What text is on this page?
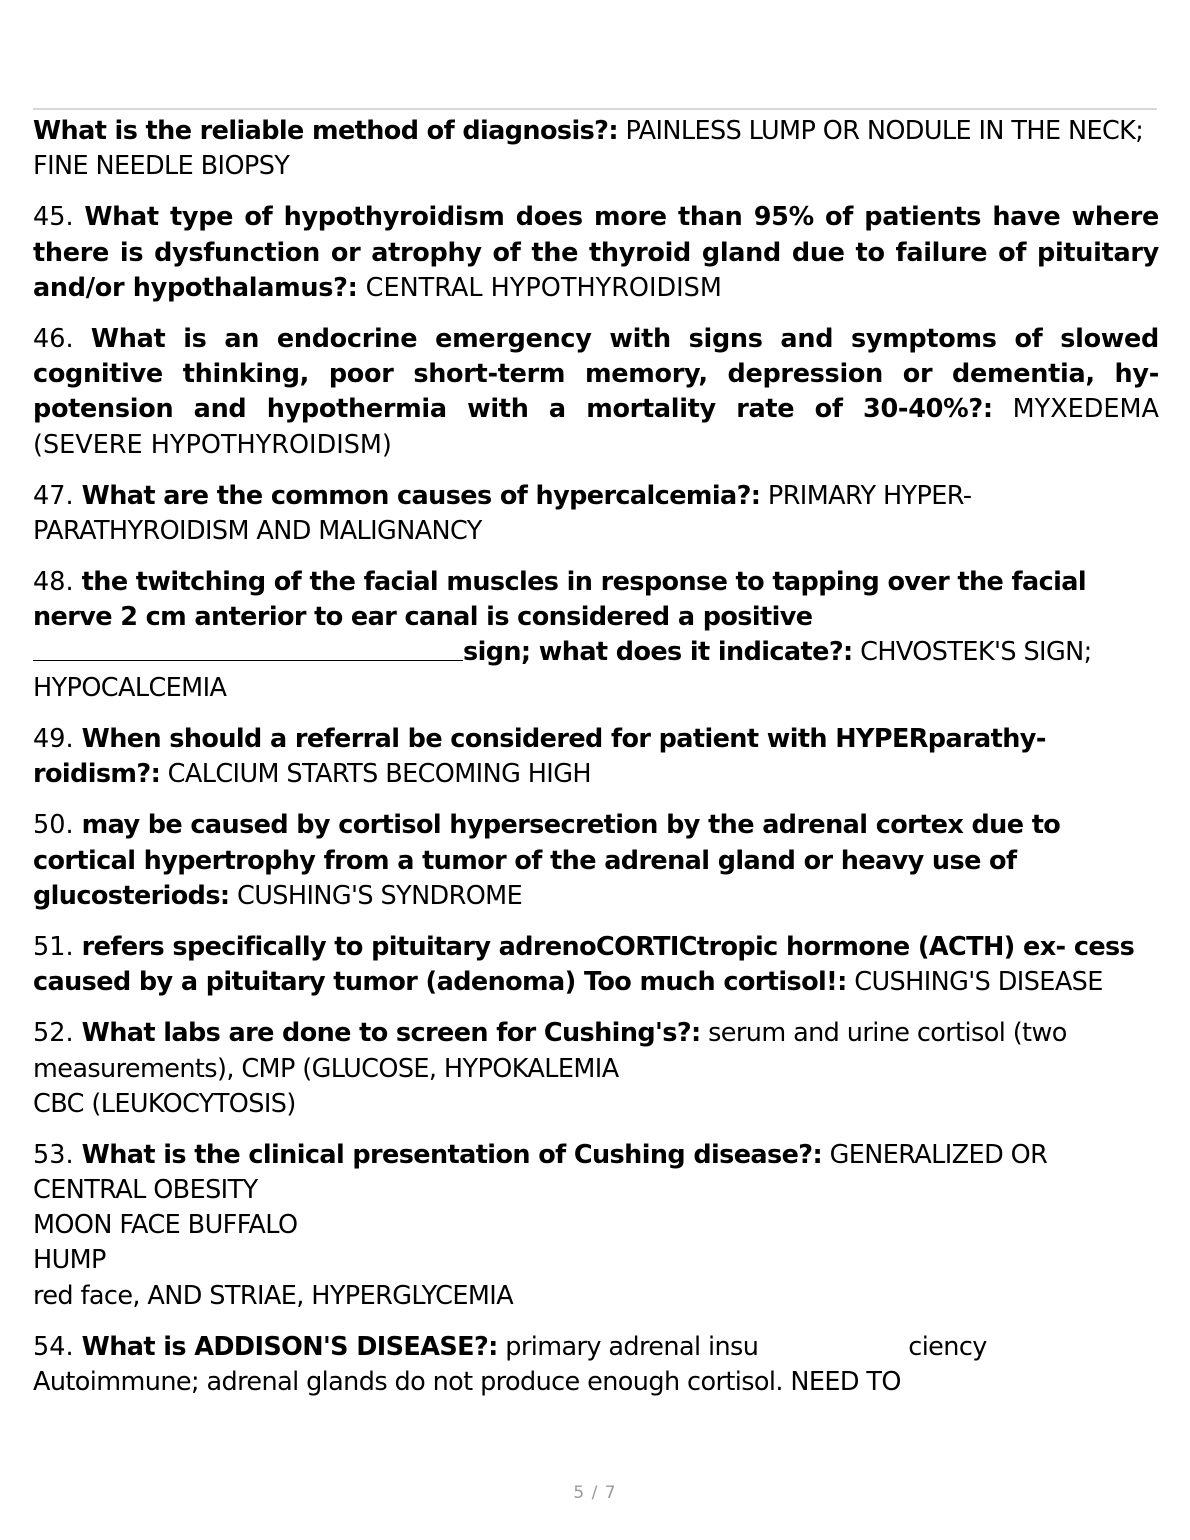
What is the reliable method of diagnosis?: PAINLESS LUMP OR NODULE IN THE NECK; FINE NEEDLE BIOPSY

45. What type of hypothyroidism does more than 95% of patients have where there is dysfunction or atrophy of the thyroid gland due to failure of pituitary and/or hypothalamus?: CENTRAL HYPOTHYROIDISM

46. What is an endocrine emergency with signs and symptoms of slowed cognitive thinking, poor short-term memory, depression or dementia, hy- potension and hypothermia with a mortality rate of 30-40%?: MYXEDEMA (SEVERE HYPOTHYROIDISM)

47. What are the common causes of hypercalcemia?: PRIMARY HYPER-PARATHYROIDISM AND MALIGNANCY

48. the twitching of the facial muscles in response to tapping over the facial nerve 2 cm anterior to ear canal is considered a positivesign; what does it indicate?: CHVOSTEK'S SIGN; HYPOCALCEMIA

49. When should a referral be considered for patient with HYPERparathy- roidism?: CALCIUM STARTS BECOMING HIGH

50. may be caused by cortisol hypersecretion by the adrenal cortex due to cortical hypertrophy from a tumor of the adrenal gland or heavy use of glucosteriods: CUSHING'S SYNDROME

51. refers specifically to pituitary adrenoCORTICtropic hormone (ACTH) ex- cess caused by a pituitary tumor (adenoma) Too much cortisol!: CUSHING'S DISEASE

52. What labs are done to screen for Cushing's?: serum and urine cortisol (two measurements), CMP (GLUCOSE, HYPOKALEMIA
CBC (LEUKOCYTOSIS)

53. What is the clinical presentation of Cushing disease?: GENERALIZED OR CENTRAL OBESITY
MOON FACE BUFFALO
HUMP
red face, AND STRIAE, HYPERGLYCEMIA

54. What is ADDISON'S DISEASE?: primary adrenal insu	ciency
Autoimmune; adrenal glands do not produce enough cortisol. NEED TO

5 / 7
